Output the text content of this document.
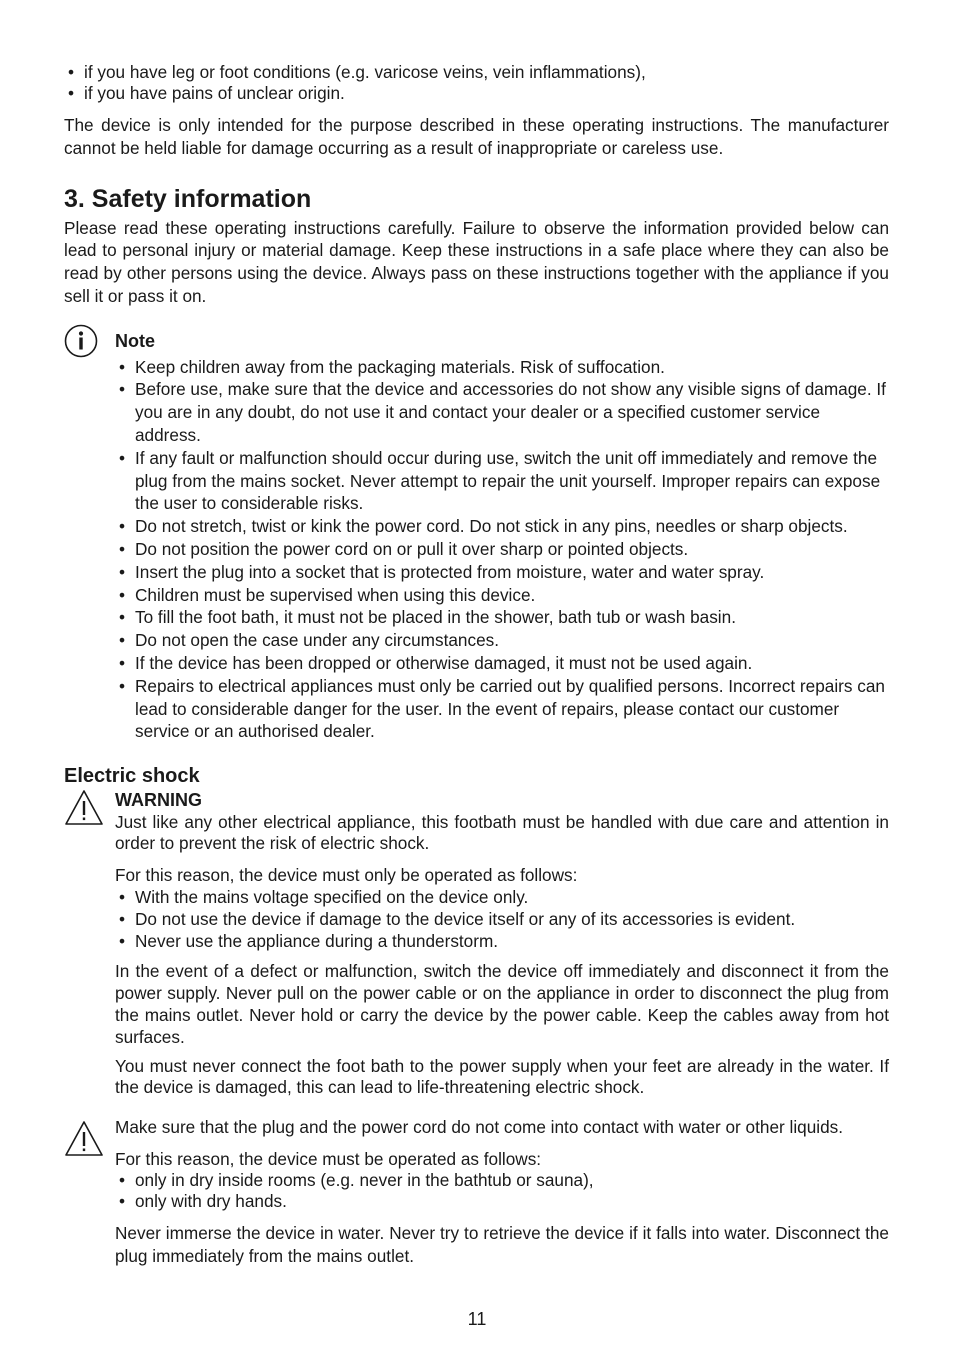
• if you have leg or foot conditions (e.g. varicose veins, vein inflammations),
• if you have pains of unclear origin.

The device is only intended for the purpose described in these operating instructions. The manufacturer cannot be held liable for damage occurring as a result of inappropriate or careless use.

3. Safety information

Please read these operating instructions carefully. Failure to observe the information provided below can lead to personal injury or material damage. Keep these instructions in a safe place where they can also be read by other persons using the device. Always pass on these instructions together with the appliance if you sell it or pass it on.

Note
• Keep children away from the packaging materials. Risk of suffocation.
• Before use, make sure that the device and accessories do not show any visible signs of damage. If you are in any doubt, do not use it and contact your dealer or a specified customer service address.
• If any fault or malfunction should occur during use, switch the unit off immediately and remove the plug from the mains socket. Never attempt to repair the unit yourself. Improper repairs can expose the user to considerable risks.
• Do not stretch, twist or kink the power cord. Do not stick in any pins, needles or sharp objects.
• Do not position the power cord on or pull it over sharp or pointed objects.
• Insert the plug into a socket that is protected from moisture, water and water spray.
• Children must be supervised when using this device.
• To fill the foot bath, it must not be placed in the shower, bath tub or wash basin.
• Do not open the case under any circumstances.
• If the device has been dropped or otherwise damaged, it must not be used again.
• Repairs to electrical appliances must only be carried out by qualified persons. Incorrect repairs can lead to considerable danger for the user. In the event of repairs, please contact our customer service or an authorised dealer.
Electric shock
WARNING

Just like any other electrical appliance, this footbath must be handled with due care and attention in order to prevent the risk of electric shock.

For this reason, the device must only be operated as follows:

• With the mains voltage specified on the device only.
• Do not use the device if damage to the device itself or any of its accessories is evident.
• Never use the appliance during a thunderstorm.

In the event of a defect or malfunction, switch the device off immediately and disconnect it from the power supply. Never pull on the power cable or on the appliance in order to disconnect the plug from the mains outlet. Never hold or carry the device by the power cable. Keep the cables away from hot surfaces.

You must never connect the foot bath to the power supply when your feet are already in the water. If the device is damaged, this can lead to life-threatening electric shock.

Make sure that the plug and the power cord do not come into contact with water or other liquids.

For this reason, the device must be operated as follows:

• only in dry inside rooms (e.g. never in the bathtub or sauna),
• only with dry hands.

Never immerse the device in water. Never try to retrieve the device if it falls into water. Disconnect the plug immediately from the mains outlet.

11
